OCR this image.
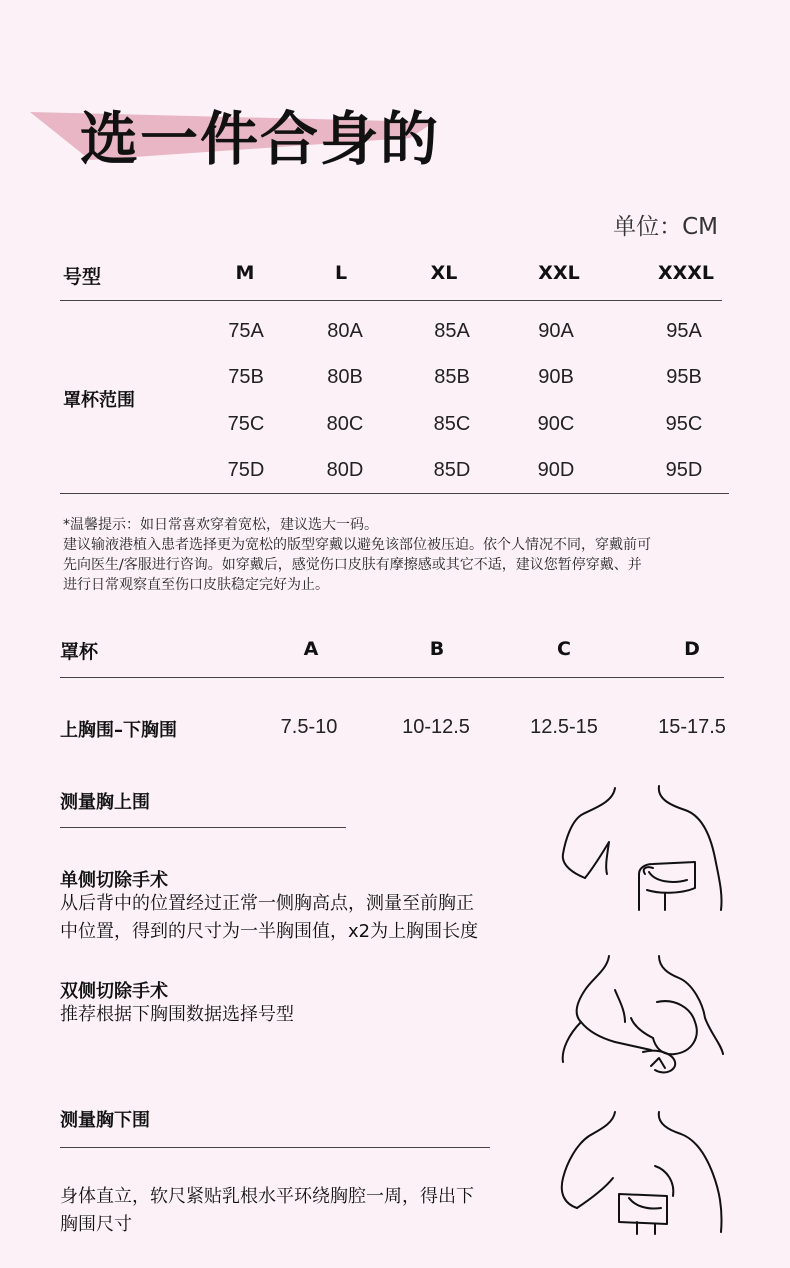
选一件合身的
单位：CM
号型	M	L	XL	XXL	XXXL
罩杯范围
75A	80A	85A	90A	95A
75B	80B	85B	90B	95B
75C	80C	85C	90C	95C
75D	80D	85D	90D	95D
*温馨提示：如日常喜欢穿着宽松，建议选大一码。
建议输液港植入患者选择更为宽松的版型穿戴以避免该部位被压迫。依个人情况不同，穿戴前可
先向医生/客服进行咨询。如穿戴后，感觉伤口皮肤有摩擦感或其它不适，建议您暂停穿戴、并
进行日常观察直至伤口皮肤稳定完好为止。
罩杯	A	B	C	D
上胸围–下胸围	7.5-10	10-12.5	12.5-15	15-17.5
测量胸上围
单侧切除手术
从后背中的位置经过正常一侧胸高点，测量至前胸正
中位置，得到的尺寸为一半胸围值，x2为上胸围长度
双侧切除手术
推荐根据下胸围数据选择号型
测量胸下围
身体直立，软尺紧贴乳根水平环绕胸腔一周，得出下
胸围尺寸
